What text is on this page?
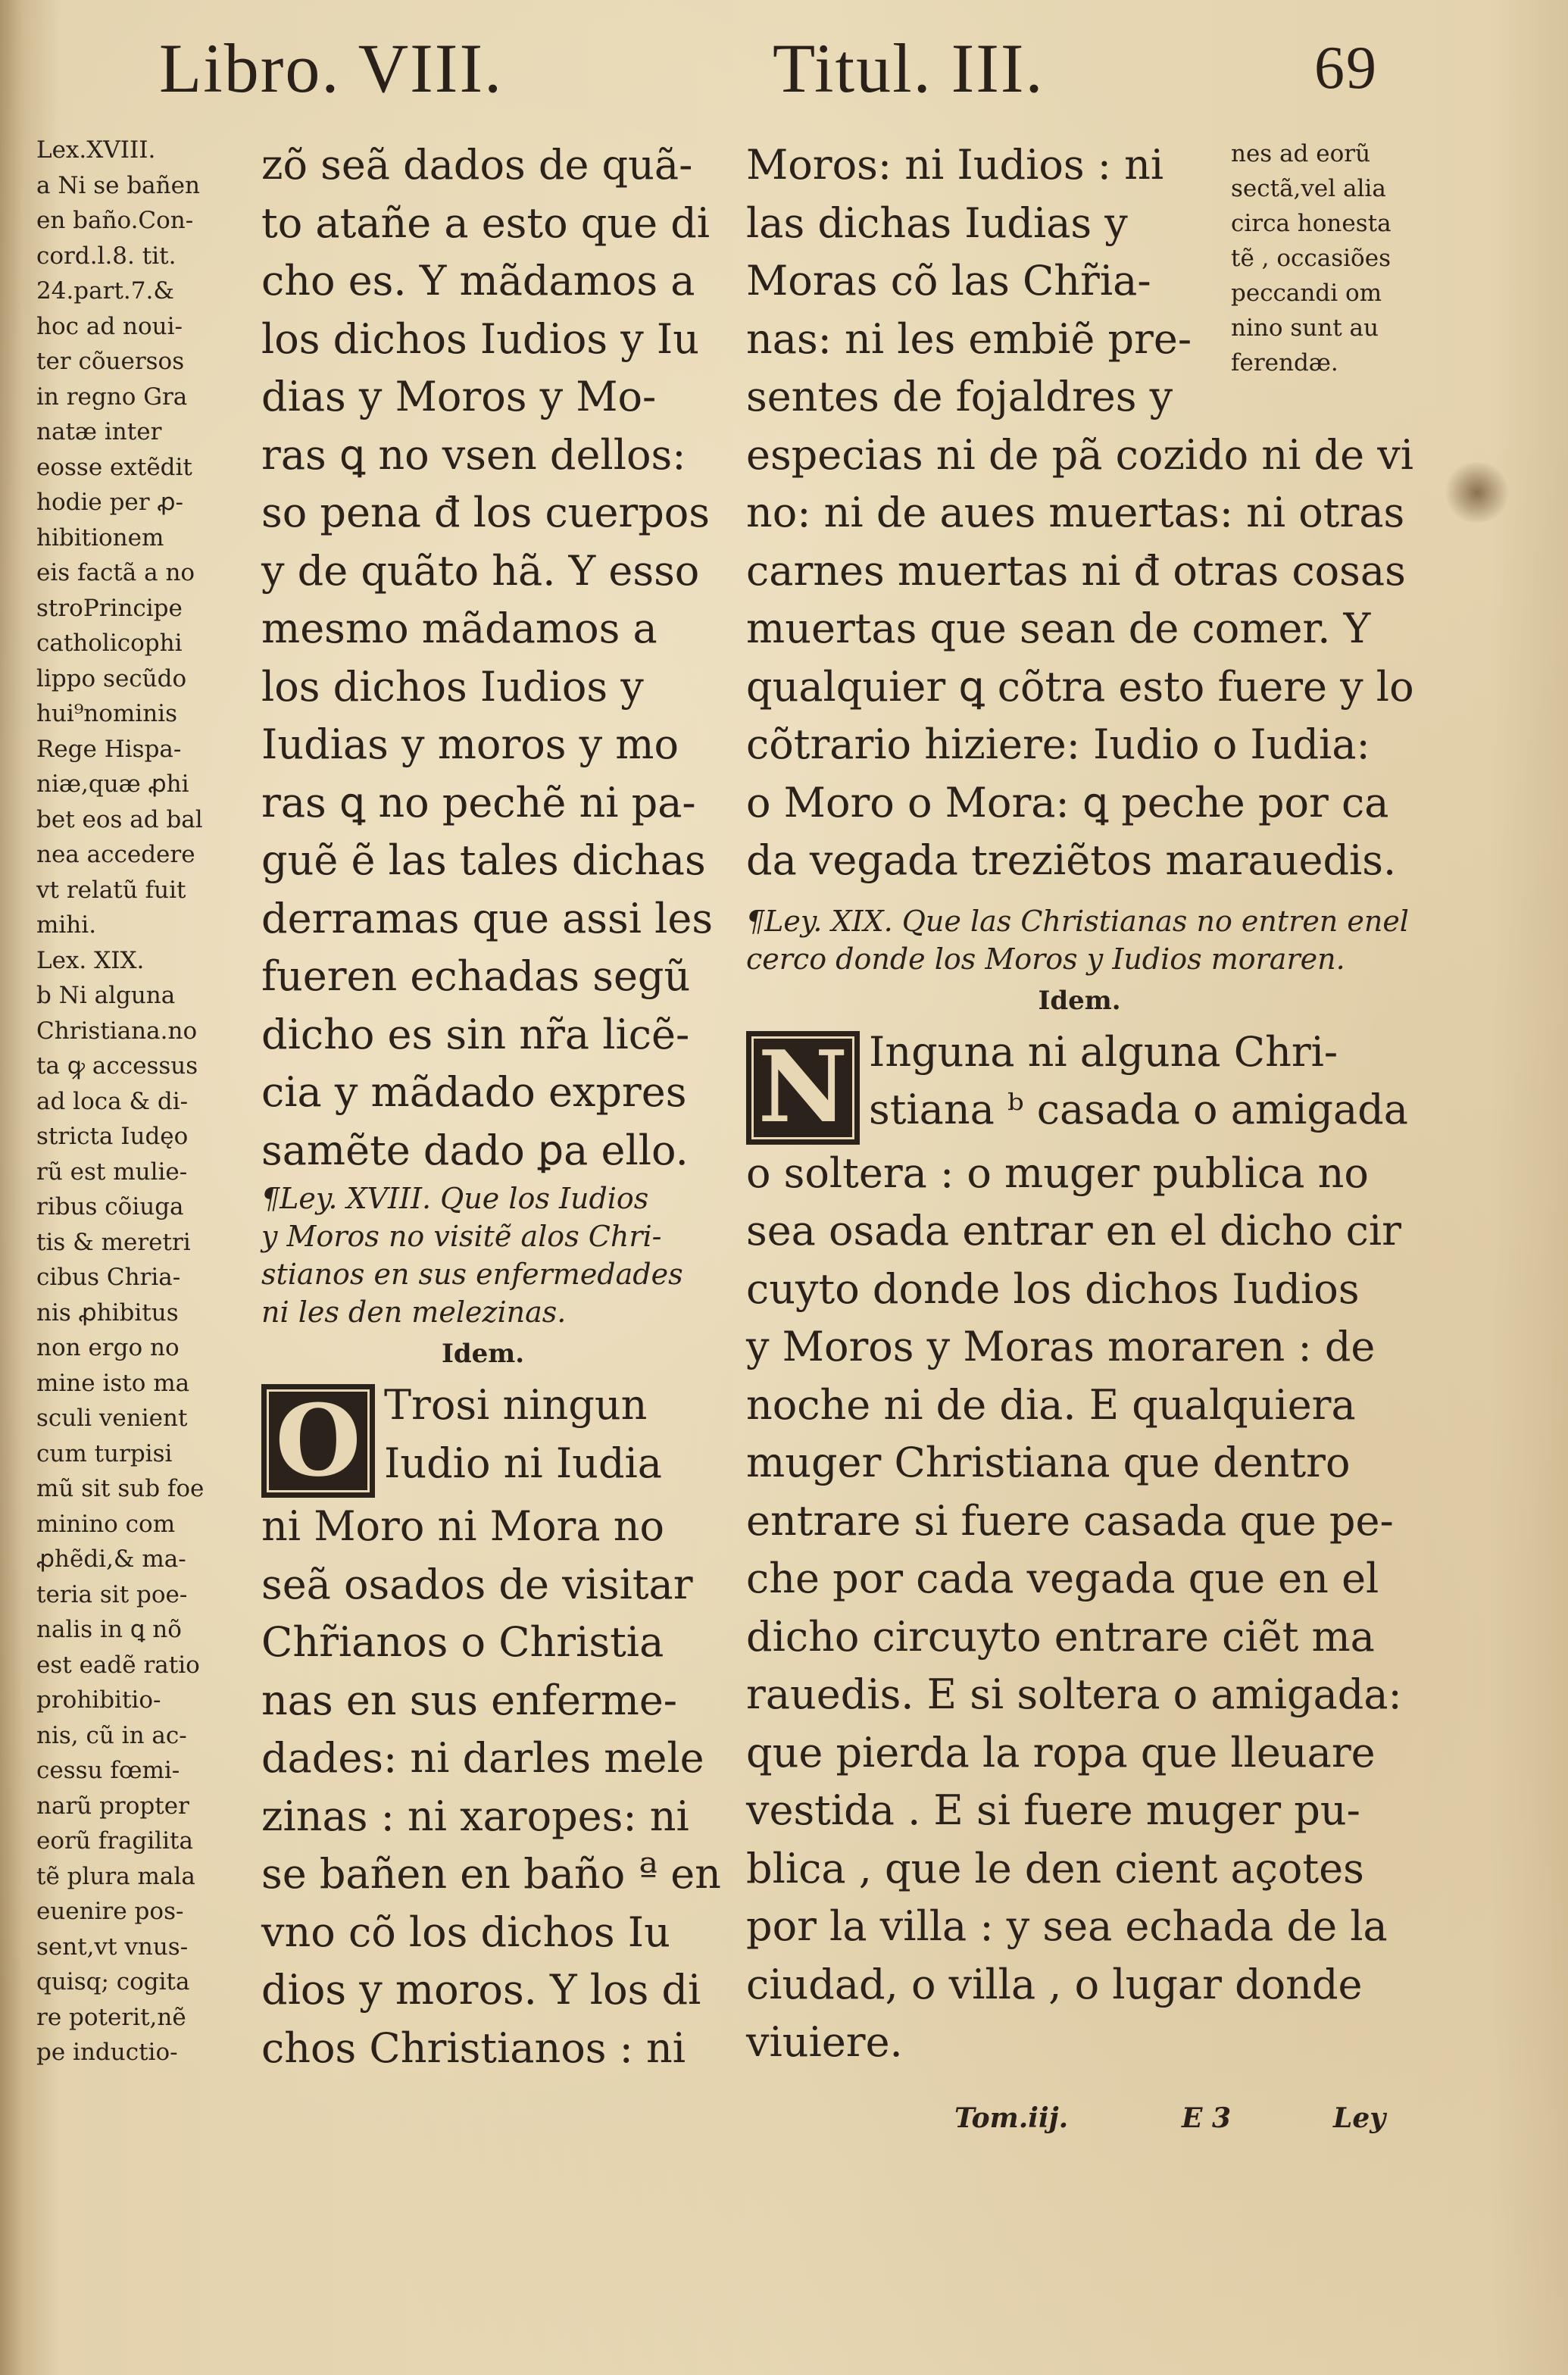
Libro. VIII.	Titul. III.	69
Lex.XVIII.
a Ni se bañen
en baño.Con-
cord.l.8. tit.
24.part.7.&
hoc ad noui-
ter cõuersos
in regno Gra
natæ inter
eosse extẽdit
hodie per ꝓ-
hibitionem
eis factã a no
stroPrincipe
catholicophi
lippo secũdo
hui⁹nominis
Rege Hispa-
niæ,quæ ꝓhi
bet eos ad bal
nea accedere
vt relatũ fuit
mihi.
Lex. XIX.
b Ni alguna
Christiana.no
ta ꝙ accessus
ad loca & di-
stricta Iudęo
rũ est mulie-
ribus cõiuga
tis & meretri
cibus Chria-
nis ꝓhibitus
non ergo no
mine isto ma
sculi venient
cum turpisi
mũ sit sub foe
minino com
ꝓhẽdi,& ma-
teria sit poe-
nalis in ꝗ nõ
est eadẽ ratio
prohibitio-
nis, cũ in ac-
cessu fœmi-
narũ propter
eorũ fragilita
tẽ plura mala
euenire pos-
sent,vt vnus-
quisq; cogita
re poterit,nẽ
pe inductio-
zõ seã dados de quã-
to atañe a esto que di
cho es. Y mãdamos a
los dichos Iudios y Iu
dias y Moros y Mo-
ras ꝗ no vsen dellos:
so pena đ los cuerpos
y de quãto hã. Y esso
mesmo mãdamos a
los dichos Iudios y
Iudias y moros y mo
ras ꝗ no pechẽ ni pa-
guẽ ẽ las tales dichas
derramas que assi les
fueren echadas segũ
dicho es sin nr̃a licẽ-
cia y mãdado expres
samẽte dado ꝑa ello.
¶Ley. XVIII. Que los Iudios
y Moros no visitẽ alos Chri-
stianos en sus enfermedades
ni les den melezinas.
Idem.
O Trosi ningun
Iudio ni Iudia
ni Moro ni Mora no
seã osados de visitar
Chr̃ianos o Christia
nas en sus enferme-
dades: ni darles mele
zinas : ni xaropes: ni
se bañen en baño ª en
vno cõ los dichos Iu
dios y moros. Y los di
chos Christianos : ni
Moros: ni Iudios : ni
las dichas Iudias y
Moras cõ las Chr̃ia-
nas: ni les embiẽ pre-
sentes de fojaldres y
especias ni de pã cozido ni de vi
no: ni de aues muertas: ni otras
carnes muertas ni đ otras cosas
muertas que sean de comer. Y
qualquier ꝗ cõtra esto fuere y lo
cõtrario hiziere: Iudio o Iudia:
o Moro o Mora: ꝗ peche por ca
da vegada treziẽtos marauedis.
¶Ley. XIX. Que las Christianas no entren enel
cerco donde los Moros y Iudios moraren.
Idem.
N Inguna ni alguna Chri-
stiana ᵇ casada o amigada
o soltera : o muger publica no
sea osada entrar en el dicho cir
cuyto donde los dichos Iudios
y Moros y Moras moraren : de
noche ni de dia. E qualquiera
muger Christiana que dentro
entrare si fuere casada que pe-
che por cada vegada que en el
dicho circuyto entrare ciẽt ma
rauedis. E si soltera o amigada:
que pierda la ropa que lleuare
vestida . E si fuere muger pu-
blica , que le den cient açotes
por la villa : y sea echada de la
ciudad, o villa , o lugar donde
viuiere.
nes ad eorũ
sectã,vel alia
circa honesta
tẽ , occasiões
peccandi om
nino sunt au
ferendæ.
Tom.iij.	E 3	Ley
